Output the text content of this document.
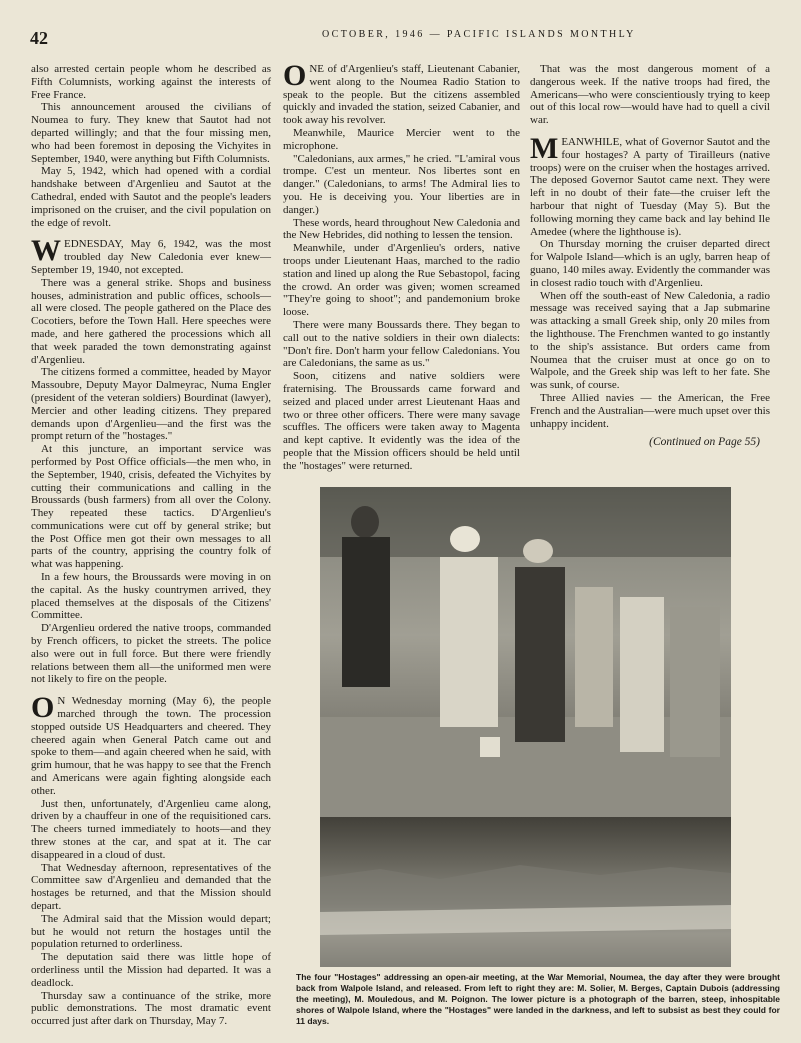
42	OCTOBER, 1946 — PACIFIC ISLANDS MONTHLY

also arrested certain people whom he described as Fifth Columnists, working against the interests of Free France.

This announcement aroused the civilians of Noumea to fury. They knew that Sautot had not departed willingly; and that the four missing men, who had been foremost in deposing the Vichyites in September, 1940, were anything but Fifth Columnists.

May 5, 1942, which had opened with a cordial handshake between d'Argenlieu and Sautot at the Cathedral, ended with Sautot and the people's leaders imprisoned on the cruiser, and the civil population on the edge of revolt.

WEDNESDAY, May 6, 1942, was the most troubled day New Caledonia ever knew—September 19, 1940, not excepted.

There was a general strike. Shops and business houses, administration and public offices, schools—all were closed. The people gathered on the Place des Cocotiers, before the Town Hall. Here speeches were made, and here gathered the processions which all that week paraded the town demonstrating against d'Argenlieu.

The citizens formed a committee, headed by Mayor Massoubre, Deputy Mayor Dalmeyrac, Numa Engler (president of the veteran soldiers) Bourdinat (lawyer), Mercier and other leading citizens. They prepared demands upon d'Argenlieu—and the first was the prompt return of the "hostages."

At this juncture, an important service was performed by Post Office officials—the men who, in the September, 1940, crisis, defeated the Vichyites by cutting their communications and calling in the Broussards (bush farmers) from all over the Colony. They repeated these tactics. D'Argenlieu's communications were cut off by general strike; but the Post Office men got their own messages to all parts of the country, apprising the country folk of what was happening.

In a few hours, the Broussards were moving in on the capital. As the husky countrymen arrived, they placed themselves at the disposals of the Citizens' Committee.

D'Argenlieu ordered the native troops, commanded by French officers, to picket the streets. The police also were out in full force. But there were friendly relations between them all—the uniformed men were not likely to fire on the people.

O N Wednesday morning (May 6), the people marched through the town. The procession stopped outside US Headquarters and cheered. They cheered again when General Patch came out and spoke to them—and again cheered when he said, with grim humour, that he was happy to see that the French and Americans were again fighting alongside each other.

Just then, unfortunately, d'Argenlieu came along, driven by a chauffeur in one of the requisitioned cars. The cheers turned immediately to hoots—and they threw stones at the car, and spat at it. The car disappeared in a cloud of dust.

That Wednesday afternoon, representatives of the Committee saw d'Argenlieu and demanded that the hostages be returned, and that the Mission should depart.

The Admiral said that the Mission would depart; but he would not return the hostages until the population returned to orderliness.

The deputation said there was little hope of orderliness until the Mission had departed. It was a deadlock.

Thursday saw a continuance of the strike, more public demonstrations. The most dramatic event occurred just after dark on Thursday, May 7.

ONE of d'Argenlieu's staff, Lieutenant Cabanier, went along to the Noumea Radio Station to speak to the people. But the citizens assembled quickly and invaded the station, seized Cabanier, and took away his revolver.

Meanwhile, Maurice Mercier went to the microphone.

"Caledonians, aux armes," he cried. "L'amiral vous trompe. C'est un menteur. Nos libertes sont en danger." (Caledonians, to arms! The Admiral lies to you. He is deceiving you. Your liberties are in danger.)

These words, heard throughout New Caledonia and the New Hebrides, did nothing to lessen the tension.

Meanwhile, under d'Argenlieu's orders, native troops under Lieutenant Haas, marched to the radio station and lined up along the Rue Sebastopol, facing the crowd. An order was given; women screamed "They're going to shoot"; and pandemonium broke loose.

There were many Boussards there. They began to call out to the native soldiers in their own dialects: "Don't fire. Don't harm your fellow Caledonians. You are Caledonians, the same as us."

Soon, citizens and native soldiers were fraternising. The Broussards came forward and seized and placed under arrest Lieutenant Haas and two or three other officers. There were many savage scuffles. The officers were taken away to Magenta and kept captive. It evidently was the idea of the people that the Mission officers should be held until the "hostages" were returned.

That was the most dangerous moment of a dangerous week. If the native troops had fired, the Americans—who were conscientiously trying to keep out of this local row—would have had to quell a civil war.

MEANWHILE, what of Governor Sautot and the four hostages? A party of Tirailleurs (native troops) were on the cruiser when the hostages arrived. The deposed Governor Sautot came next. They were left in no doubt of their fate—the cruiser left the harbour that night of Tuesday (May 5). But the following morning they came back and lay behind Ile Amedee (where the lighthouse is).

On Thursday morning the cruiser departed direct for Walpole Island—which is an ugly, barren heap of guano, 140 miles away. Evidently the commander was in closest radio touch with d'Argenlieu.

When off the south-east of New Caledonia, a radio message was received saying that a Jap submarine was attacking a small Greek ship, only 20 miles from the lighthouse. The Frenchmen wanted to go instantly to the ship's assistance. But orders came from Noumea that the cruiser must at once go on to Walpole, and the Greek ship was left to her fate. She was sunk, of course.

Three Allied navies — the American, the Free French and the Australian—were much upset over this unhappy incident.

(Continued on Page 55)
The four "Hostages" addressing an open-air meeting, at the War Memorial, Noumea, the day after they were brought back from Walpole Island, and released. From left to right they are: M. Solier, M. Berges, Captain Dubois (addressing the meeting), M. Mouledous, and M. Poignon. The lower picture is a photograph of the barren, steep, inhospitable shores of Walpole Island, where the "Hostages" were landed in the darkness, and left to subsist as best they could for 11 days.
